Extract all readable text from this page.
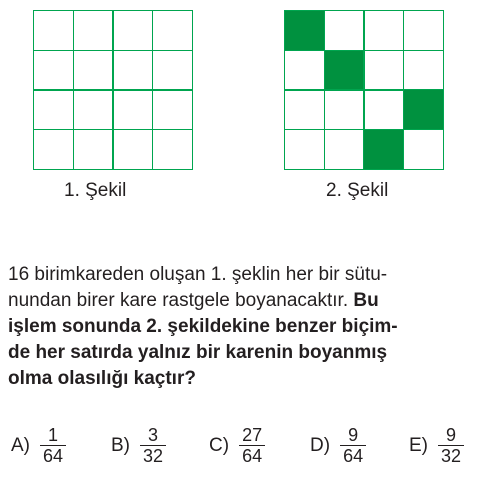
1. Şekil	2. Şekil
16 birimkareden oluşan 1. şeklin her bir sütu-
nundan birer kare rastgele boyanacaktır. Bu
işlem sonunda 2. şekildekine benzer biçim-
de her satırda yalnız bir karenin boyanmış
olma olasılığı kaçtır?
$A) \frac{1}{64} B) \frac{3}{32} C) \frac{27}{64} D) \frac{9}{64} E) \frac{9}{32}$
